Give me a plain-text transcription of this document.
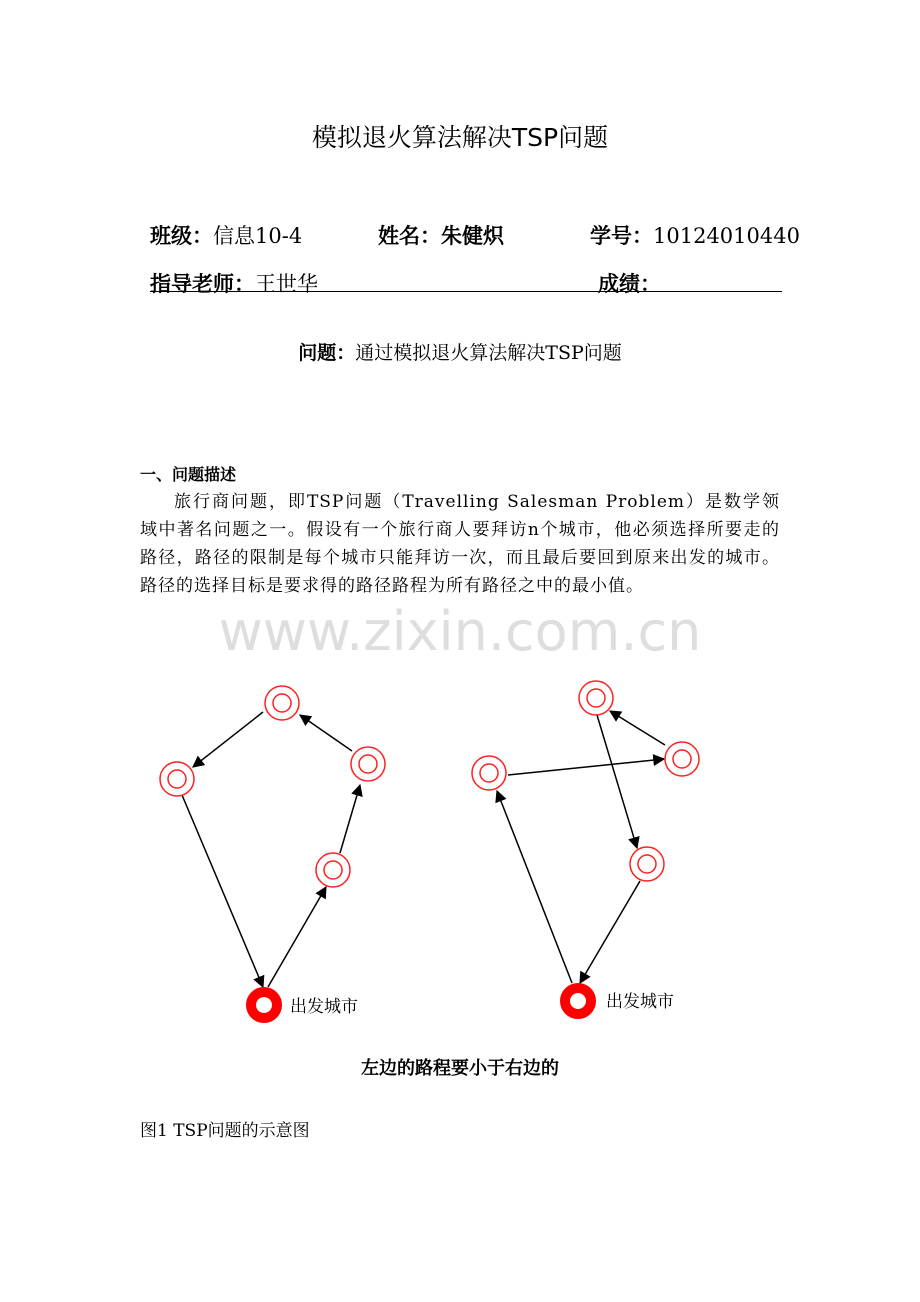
模拟退火算法解决TSP问题
班级：信息10-4	姓名：朱健炽	学号：10124010440
指导老师：王世华	成绩：
问题：通过模拟退火算法解决TSP问题
一、问题描述
旅行商问题，即TSP问题（Travelling Salesman Problem）是数学领域中著名问题之一。假设有一个旅行商人要拜访n个城市，他必须选择所要走的路径，路径的限制是每个城市只能拜访一次，而且最后要回到原来出发的城市。路径的选择目标是要求得的路径路程为所有路径之中的最小值。
www.zixin.com.cn
出发城市	出发城市
左边的路程要小于右边的
图1 TSP问题的示意图
